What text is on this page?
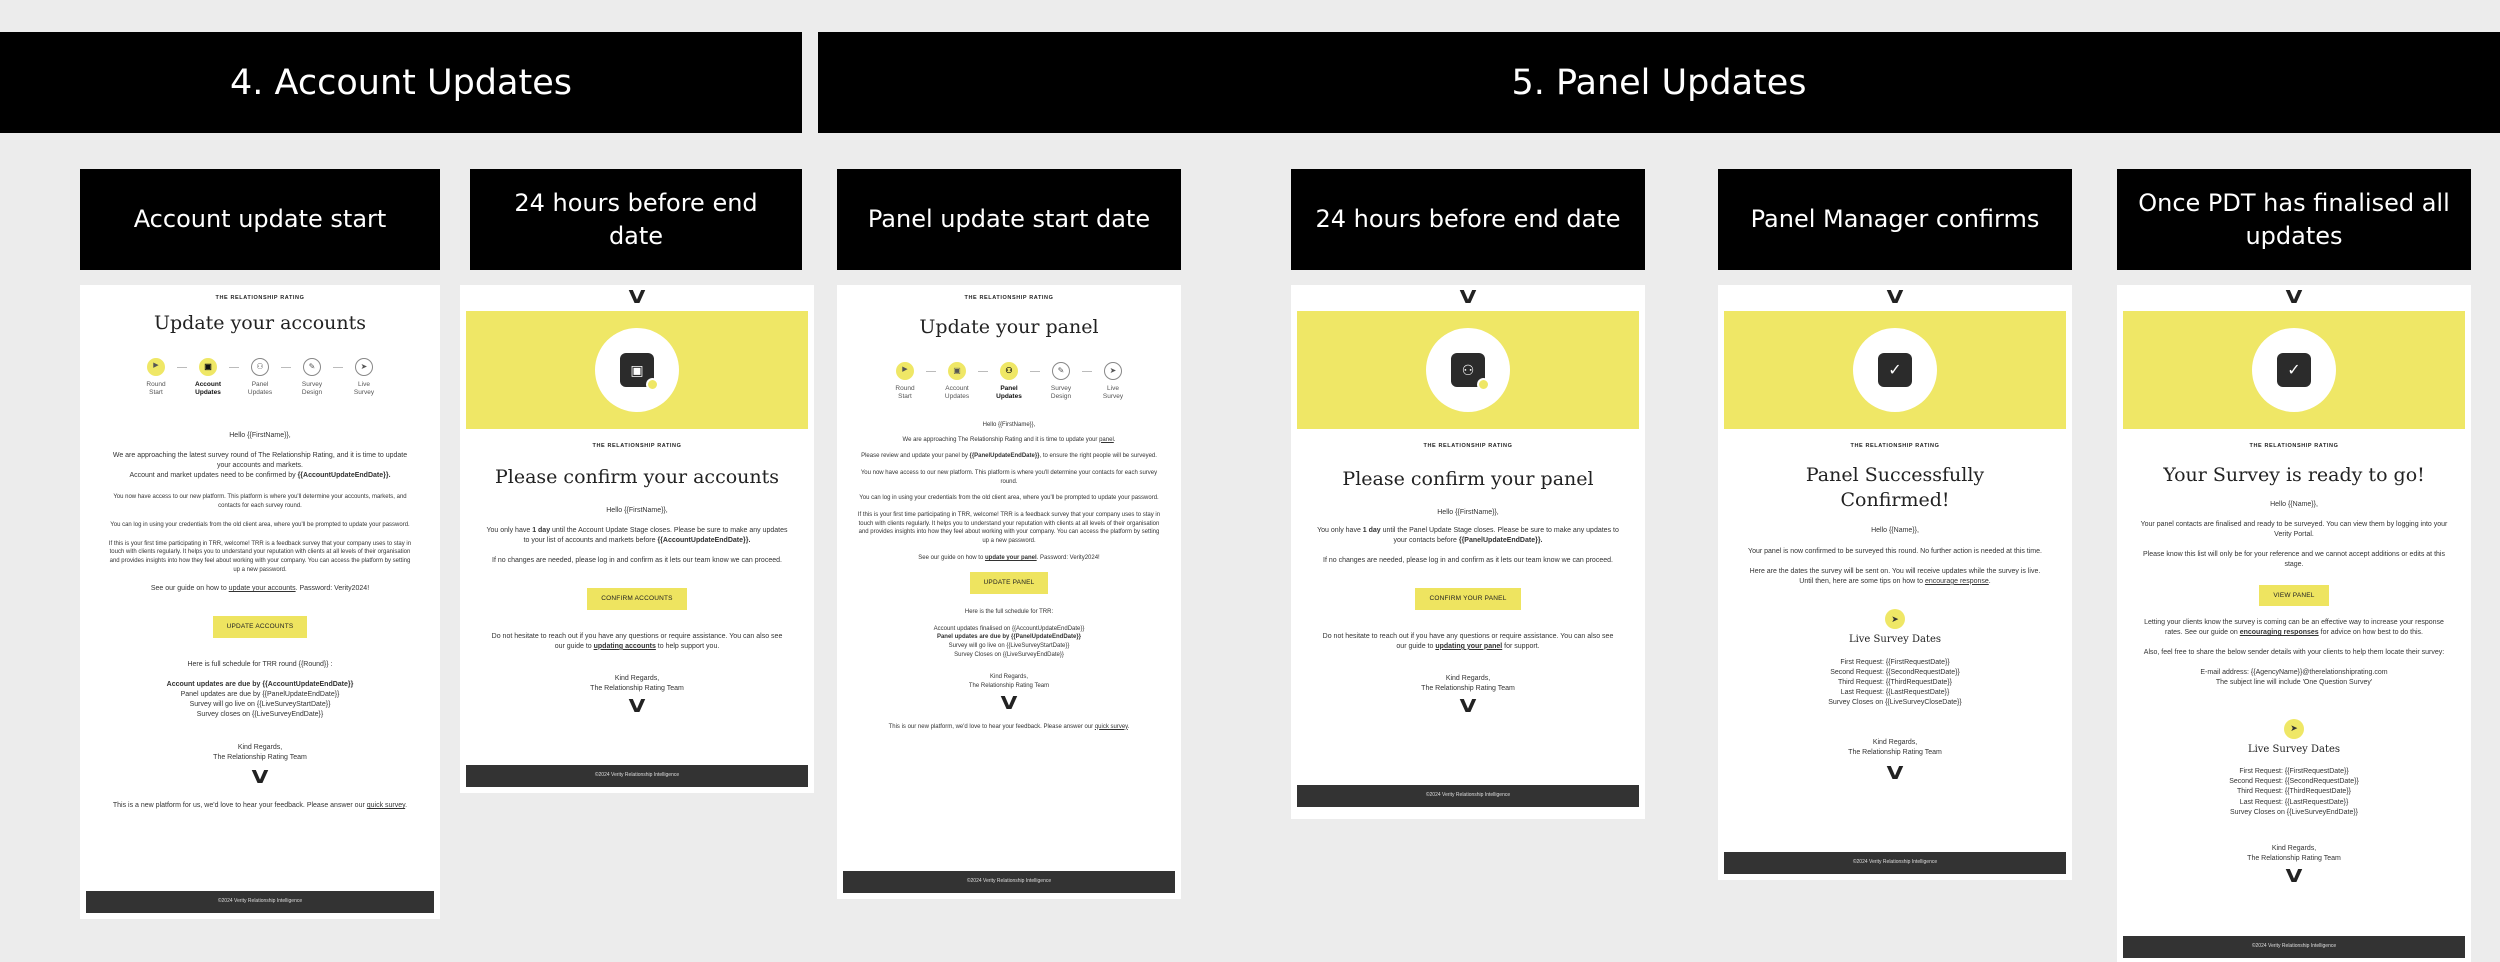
4. Account Updates	5. Panel Updates
Account update start
24 hours before end date
Panel update start date	24 hours before end date	Panel Manager confirms
Once PDT has finalised all updates
THE RELATIONSHIP RATING
Update your accounts
▶
Round
Start
▣
Account
Updates
⚇
Panel
Updates
✎
Survey
Design
➤
Live
Survey

Hello {{FirstName}},

We are approaching the latest survey round of The Relationship Rating, and it is time to update your accounts and markets.

Account and market updates need to be confirmed by {{AccountUpdateEndDate}}.

You now have access to our new platform. This platform is where you'll determine your accounts, markets, and contacts for each survey round.

You can log in using your credentials from the old client area, where you'll be prompted to update your password.

If this is your first time participating in TRR, welcome! TRR is a feedback survey that your company uses to stay in touch with clients regularly. It helps you to understand your reputation with clients at all levels of their organisation and provides insights into how they feel about working with your company. You can access the platform by setting up a new password.

See our guide on how to update your accounts. Password: Verity2024!

UPDATE ACCOUNTS

Here is full schedule for TRR round {{Round}} :

Account updates are due by {{AccountUpdateEndDate}}

Panel updates are due by {{PanelUpdateEndDate}}

Survey will go live on {{LiveSurveyStartDate}}

Survey closes on {{LiveSurveyEndDate}}

Kind Regards,

The Relationship Rating Team

V

This is a new platform for us, we'd love to hear your feedback. Please answer our quick survey.

©2024 Verity Relationship Intelligence
V
▣
THE RELATIONSHIP RATING
Please confirm your accounts

Hello {{FirstName}},

You only have 1 day until the Account Update Stage closes. Please be sure to make any updates to your list of accounts and markets before {{AccountUpdateEndDate}}.

If no changes are needed, please log in and confirm as it lets our team know we can proceed.

CONFIRM ACCOUNTS

Do not hesitate to reach out if you have any questions or require assistance. You can also see our guide to updating accounts to help support you.

Kind Regards,

The Relationship Rating Team

V
©2024 Verity Relationship Intelligence
THE RELATIONSHIP RATING
Update your panel
▶
Round
Start
▣
Account
Updates
⚇
Panel
Updates
✎
Survey
Design
➤
Live
Survey

Hello {{FirstName}},

We are approaching The Relationship Rating and it is time to update your panel.

Please review and update your panel by {{PanelUpdateEndDate}}, to ensure the right people will be surveyed.

You now have access to our new platform. This platform is where you'll determine your contacts for each survey round.

You can log in using your credentials from the old client area, where you'll be prompted to update your password.

If this is your first time participating in TRR, welcome! TRR is a feedback survey that your company uses to stay in touch with clients regularly. It helps you to understand your reputation with clients at all levels of their organisation and provides insights into how they feel about working with your company. You can access the platform by setting up a new password.

See our guide on how to update your panel. Password: Verity2024!

UPDATE PANEL

Here is the full schedule for TRR:

Account updates finalised on {{AccountUpdateEndDate}}

Panel updates are due by {{PanelUpdateEndDate}}

Survey will go live on {{LiveSurveyStartDate}}

Survey Closes on {{LiveSurveyEndDate}}

Kind Regards,

The Relationship Rating Team

V

This is our new platform, we'd love to hear your feedback. Please answer our quick survey.

©2024 Verity Relationship Intelligence
V
⚇
THE RELATIONSHIP RATING
Please confirm your panel

Hello {{FirstName}},

You only have 1 day until the Panel Update Stage closes. Please be sure to make any updates to your contacts before {{PanelUpdateEndDate}}.

If no changes are needed, please log in and confirm as it lets our team know we can proceed.

CONFIRM YOUR PANEL

Do not hesitate to reach out if you have any questions or require assistance. You can also see our guide to updating your panel for support.

Kind Regards,

The Relationship Rating Team

V
©2024 Verity Relationship Intelligence
V
✓
THE RELATIONSHIP RATING
Panel Successfully
Confirmed!

Hello {{Name}},

Your panel is now confirmed to be surveyed this round. No further action is needed at this time.

Here are the dates the survey will be sent on. You will receive updates while the survey is live. Until then, here are some tips on how to encourage response.

➤

Live Survey Dates

First Request: {{FirstRequestDate}}

Second Request: {{SecondRequestDate}}

Third Request: {{ThirdRequestDate}}

Last Request: {{LastRequestDate}}

Survey Closes on {{LiveSurveyCloseDate}}

Kind Regards,

The Relationship Rating Team

V
©2024 Verity Relationship Intelligence
V
✓
THE RELATIONSHIP RATING
Your Survey is ready to go!

Hello {{Name}},

Your panel contacts are finalised and ready to be surveyed. You can view them by logging into your Verity Portal.

Please know this list will only be for your reference and we cannot accept additions or edits at this stage.

VIEW PANEL

Letting your clients know the survey is coming can be an effective way to increase your response rates. See our guide on encouraging responses for advice on how best to do this.

Also, feel free to share the below sender details with your clients to help them locate their survey:

E-mail address: {{AgencyName}}@therelationshiprating.com

The subject line will include 'One Question Survey'

➤

Live Survey Dates

First Request: {{FirstRequestDate}}

Second Request: {{SecondRequestDate}}

Third Request: {{ThirdRequestDate}}

Last Request: {{LastRequestDate}}

Survey Closes on {{LiveSurveyEndDate}}

Kind Regards,

The Relationship Rating Team

V
©2024 Verity Relationship Intelligence
